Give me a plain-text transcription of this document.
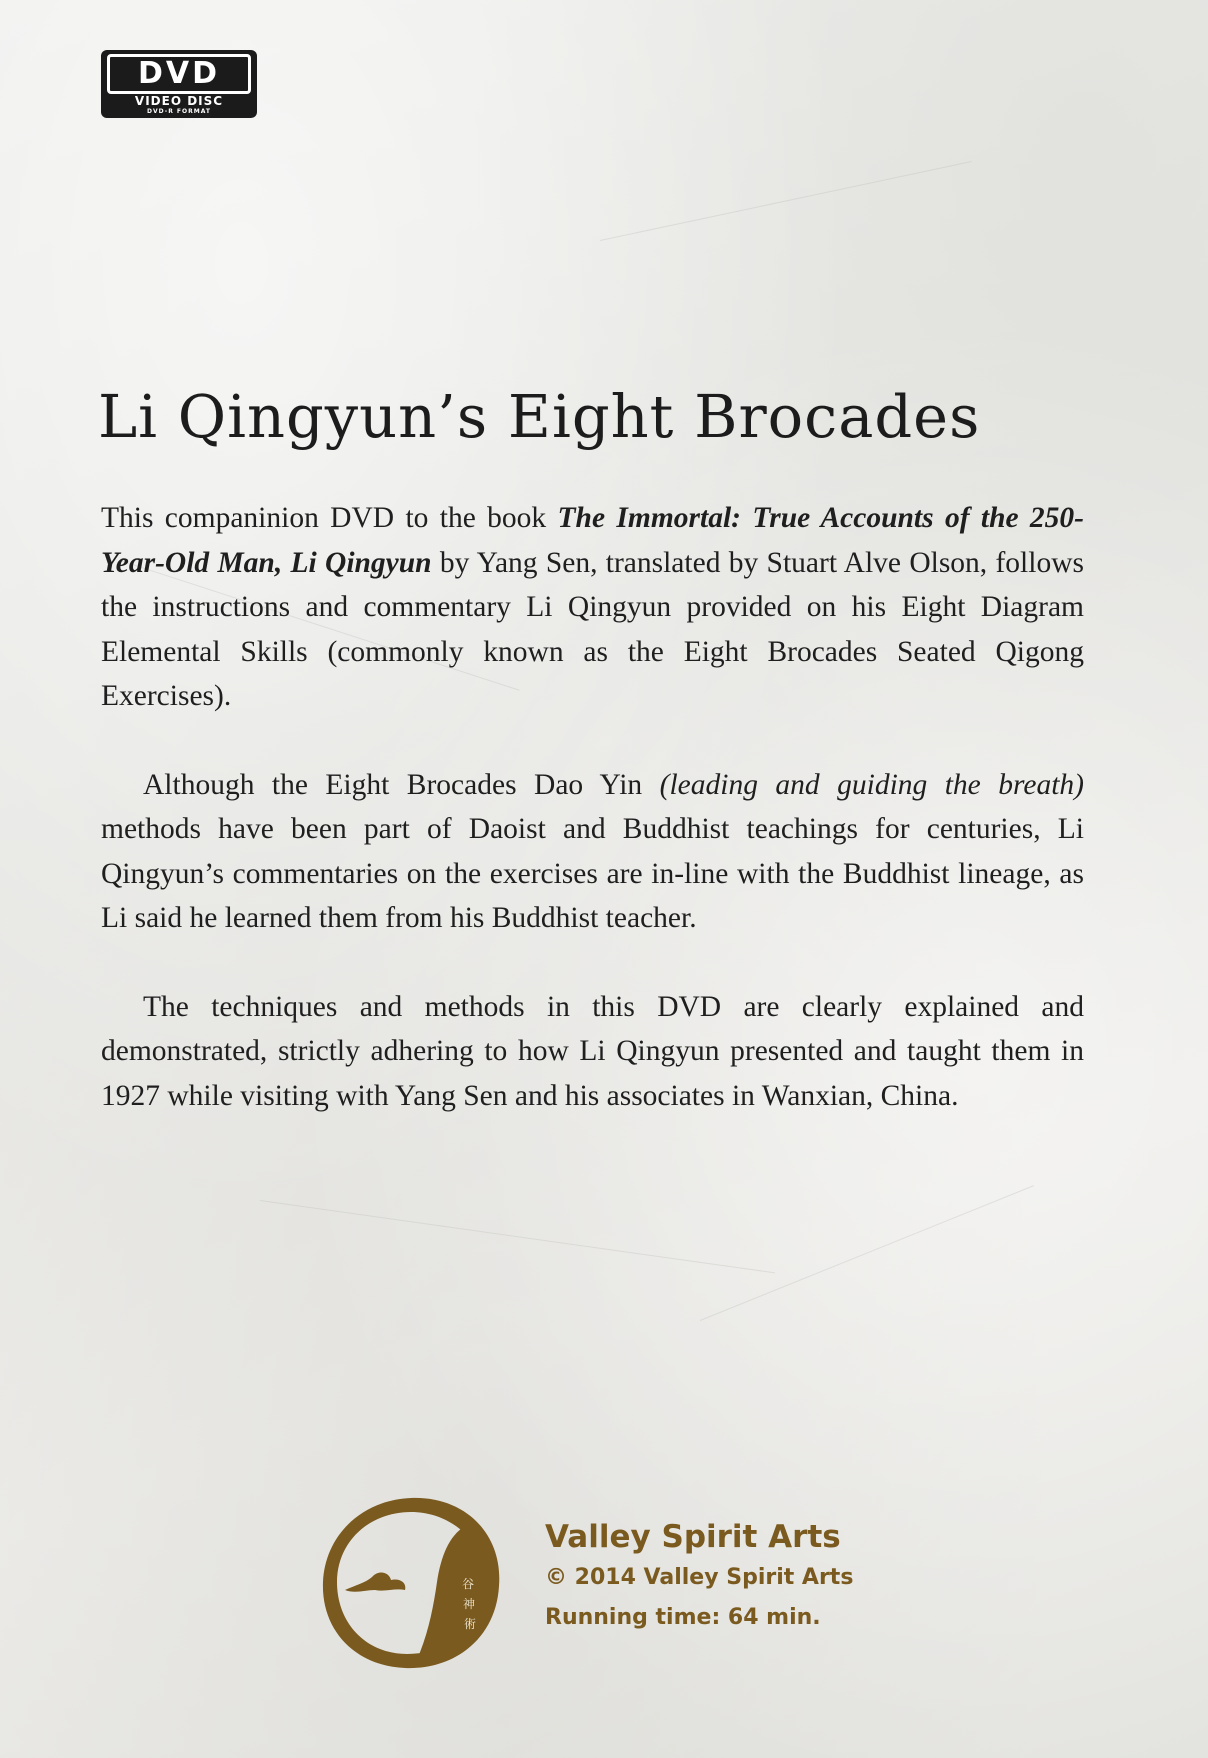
DVD
VIDEO DISC
DVD-R FORMAT
Li Qingyun’s Eight Brocades

This companinion DVD to the book The Immortal: True Accounts of the 250-Year-Old Man, Li Qingyun by Yang Sen, translated by Stuart Alve Olson, follows the instructions and commentary Li Qingyun provided on his Eight Diagram Elemental Skills (commonly known as the Eight Brocades Seated Qigong Exercises).

Although the Eight Brocades Dao Yin (leading and guiding the breath) methods have been part of Daoist and Buddhist teachings for centuries, Li Qingyun’s commentaries on the exercises are in-line with the Buddhist lineage, as Li said he learned them from his Buddhist teacher.

The techniques and methods in this DVD are clearly explained and demonstrated, strictly adhering to how Li Qingyun presented and taught them in 1927 while visiting with Yang Sen and his associates in Wanxian, China.

谷
神
術
Valley Spirit Arts
© 2014 Valley Spirit Arts
Running time: 64 min.
